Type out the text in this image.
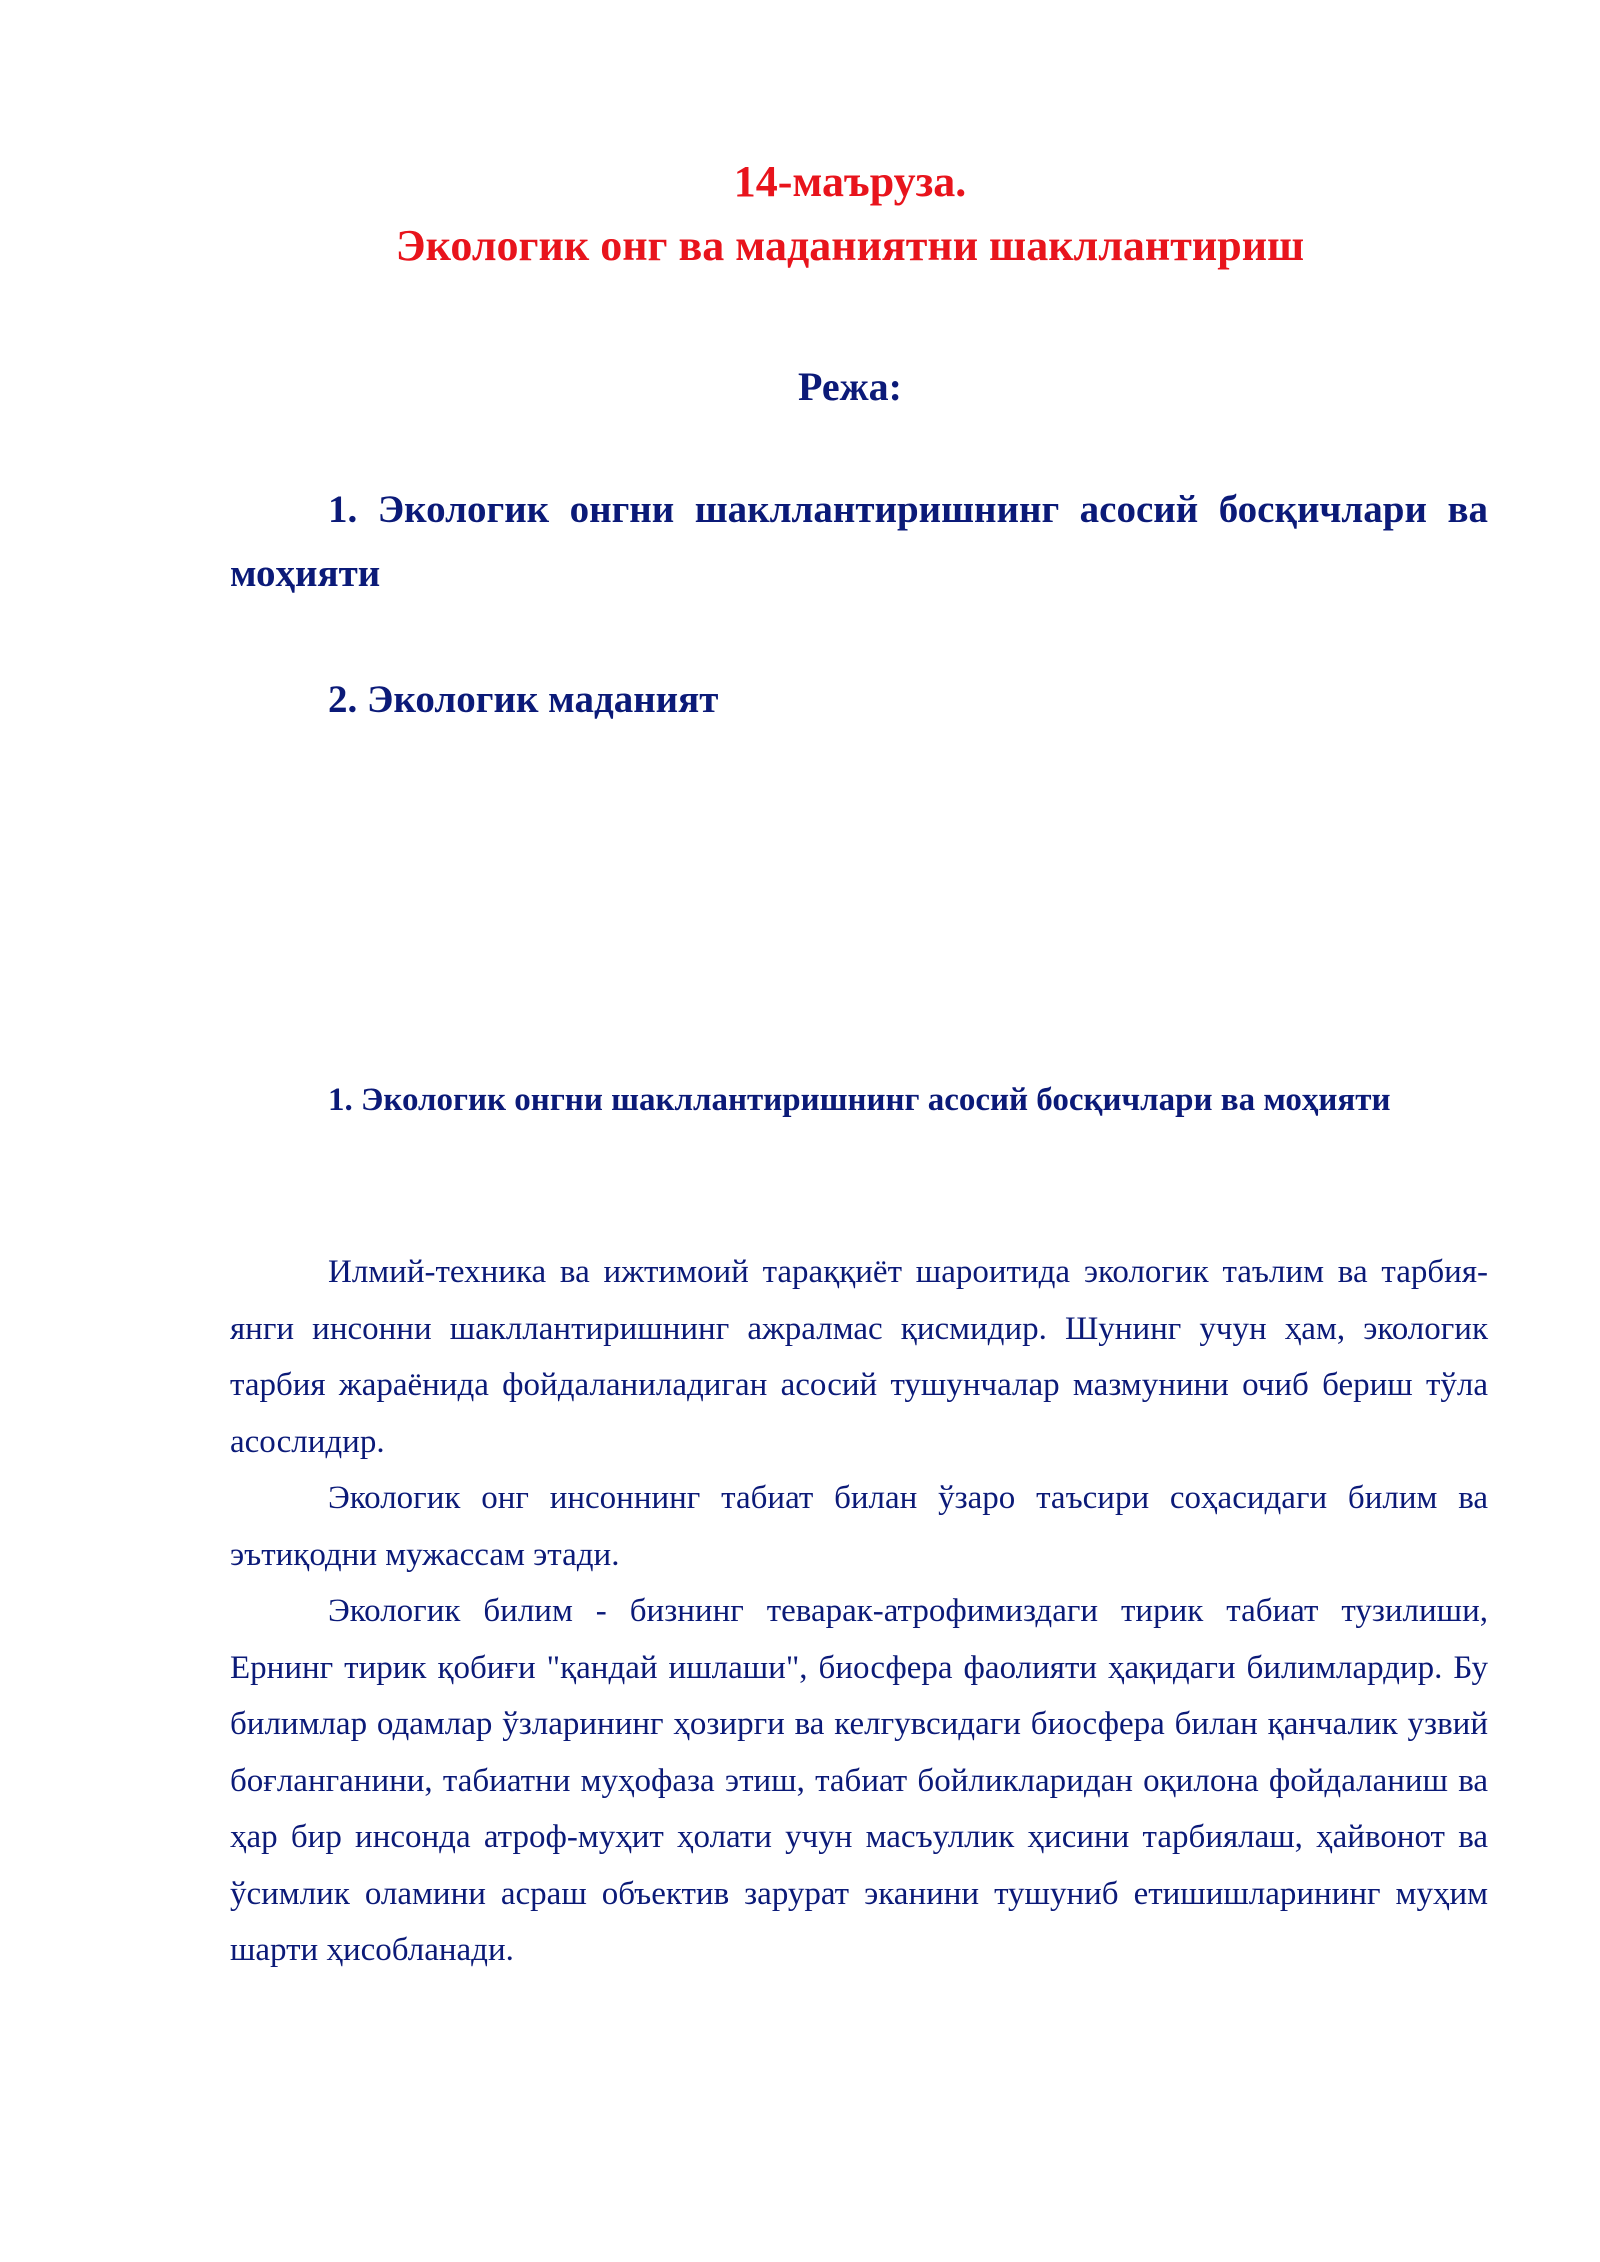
14-маъруза.
Экологик онг ва маданиятни шакллантириш
Режа:

1. Экологик онгни шакллантиришнинг асосий босқичлари ва моҳияти

2. Экологик маданият

1. Экологик онгни шакллантиришнинг асосий босқичлари ва моҳияти

Илмий-техника ва ижтимоий тараққиёт шароитида экологик таълим ва тарбия-янги инсонни шакллантиришнинг ажралмас қисмидир. Шунинг учун ҳам, экологик тарбия жараёнида фойдаланиладиган асосий тушунчалар мазмунини очиб бериш тўла асослидир.

Экологик онг инсоннинг табиат билан ўзаро таъсири соҳасидаги билим ва эътиқодни мужассам этади.

Экологик билим - бизнинг теварак-атрофимиздаги тирик табиат тузилиши, Ернинг тирик қобиғи "қандай ишлаши", биосфера фаолияти ҳақидаги билимлардир. Бу билимлар одамлар ўзларининг ҳозирги ва келгувсидаги биосфера билан қанчалик узвий боғланганини, табиатни муҳофаза этиш, табиат бойликларидан оқилона фойдаланиш ва ҳар бир инсонда атроф-муҳит ҳолати учун масъуллик ҳисини тарбиялаш, ҳайвонот ва ўсимлик оламини асраш объектив зарурат эканини тушуниб етишишларининг муҳим шарти ҳисобланади.
